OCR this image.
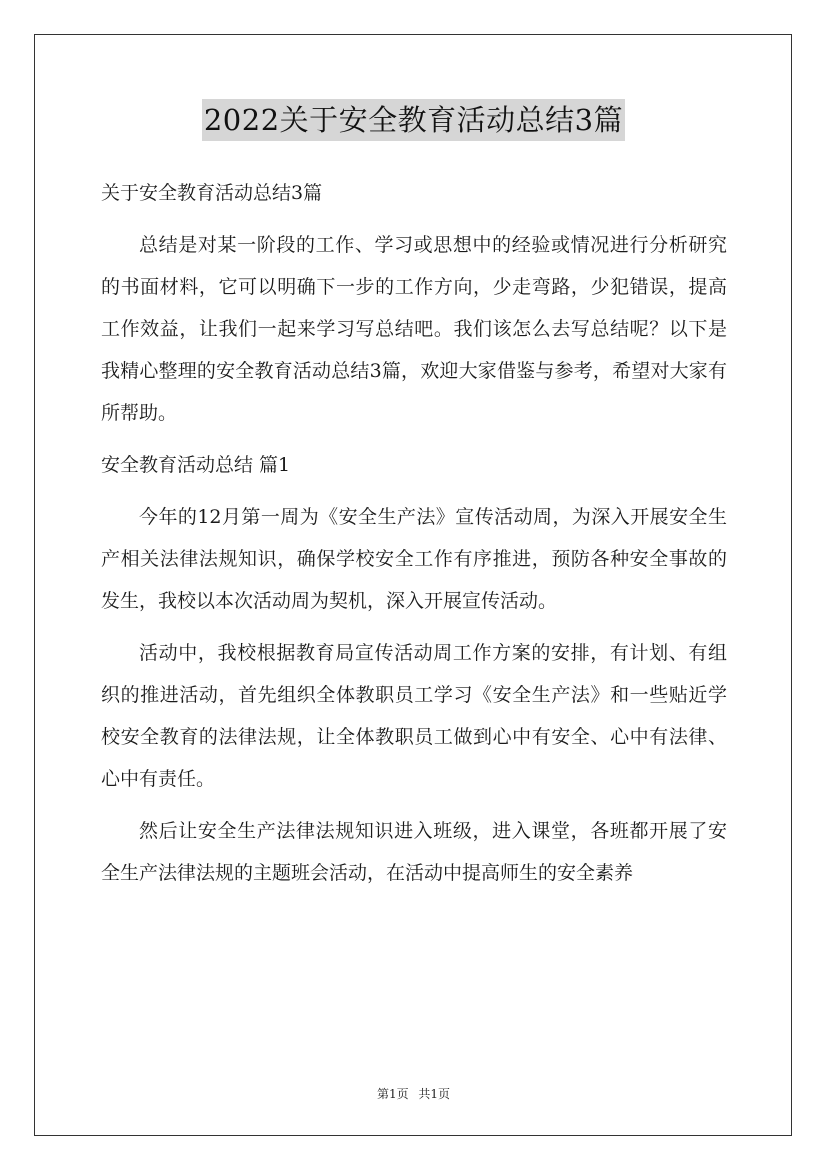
2022关于安全教育活动总结3篇

关于安全教育活动总结3篇

总结是对某一阶段的工作、学习或思想中的经验或情况进行分析研究的书面材料，它可以明确下一步的工作方向，少走弯路，少犯错误，提高工作效益，让我们一起来学习写总结吧。我们该怎么去写总结呢？以下是我精心整理的安全教育活动总结3篇，欢迎大家借鉴与参考，希望对大家有所帮助。

安全教育活动总结 篇1

今年的12月第一周为《安全生产法》宣传活动周，为深入开展安全生产相关法律法规知识，确保学校安全工作有序推进，预防各种安全事故的发生，我校以本次活动周为契机，深入开展宣传活动。

活动中，我校根据教育局宣传活动周工作方案的安排，有计划、有组织的推进活动，首先组织全体教职员工学习《安全生产法》和一些贴近学校安全教育的法律法规，让全体教职员工做到心中有安全、心中有法律、心中有责任。

然后让安全生产法律法规知识进入班级，进入课堂，各班都开展了安全生产法律法规的主题班会活动，在活动中提高师生的安全素养

第1页 共1页
